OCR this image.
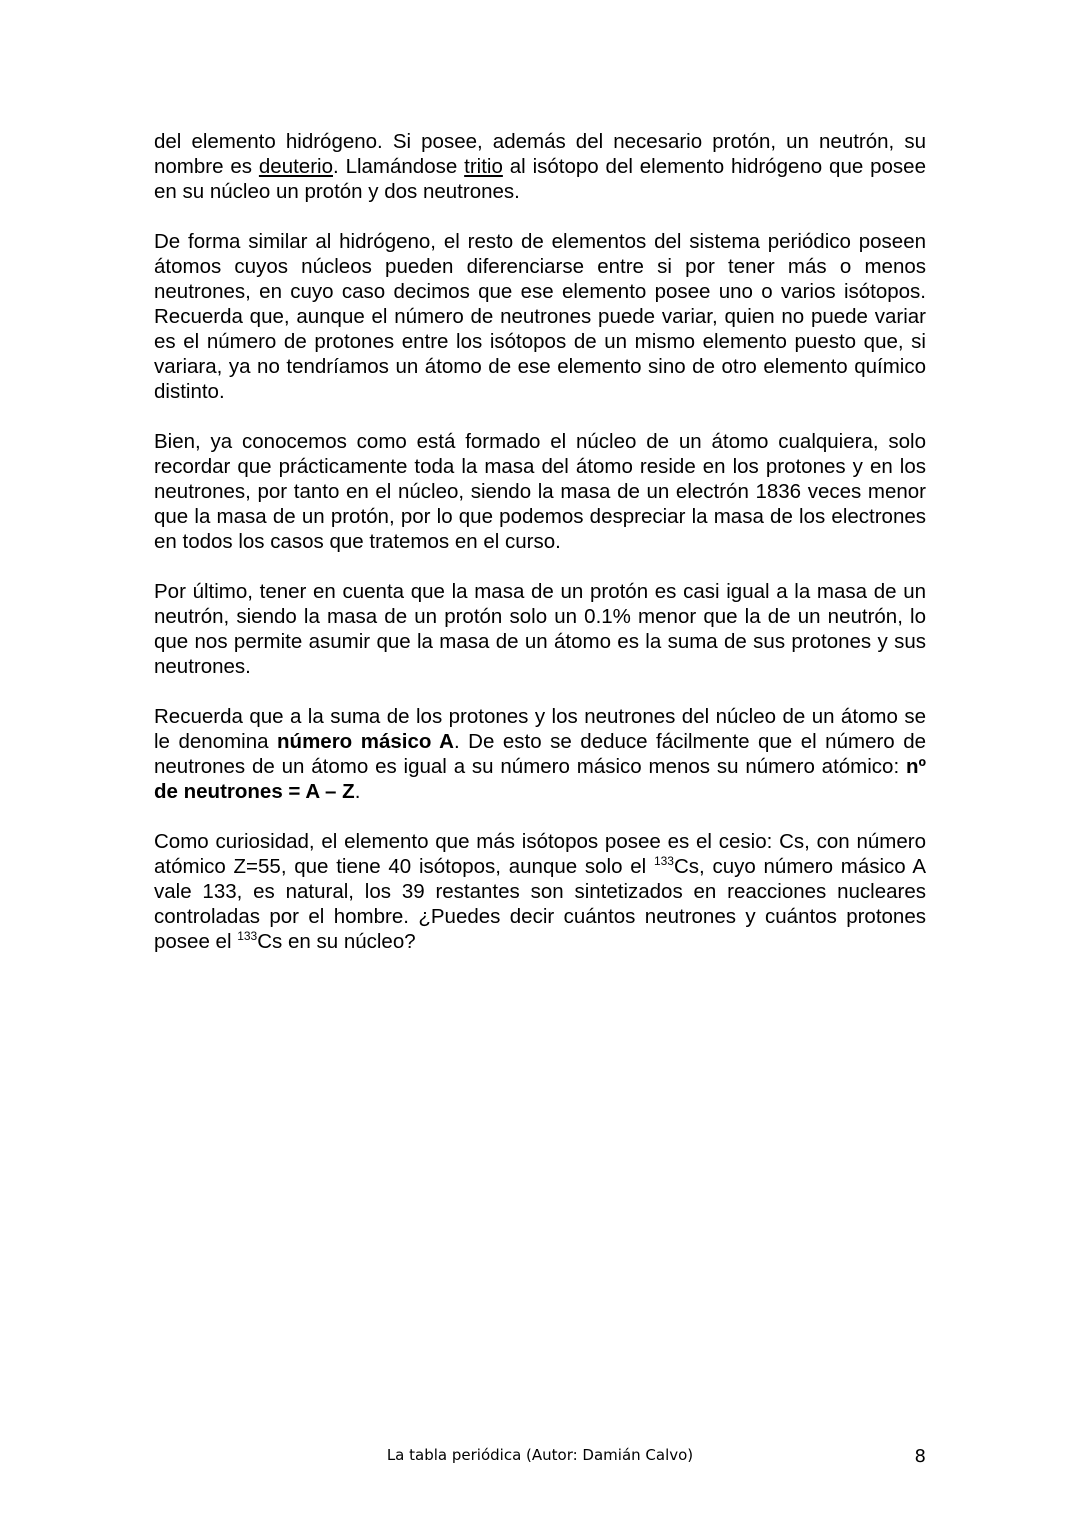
del elemento hidrógeno. Si posee, además del necesario protón, un neutrón, su nombre es deuterio. Llamándose tritio al isótopo del elemento hidrógeno que posee en su núcleo un protón y dos neutrones.

De forma similar al hidrógeno, el resto de elementos del sistema periódico poseen átomos cuyos núcleos pueden diferenciarse entre si por tener más o menos neutrones, en cuyo caso decimos que ese elemento posee uno o varios isótopos. Recuerda que, aunque el número de neutrones puede variar, quien no puede variar es el número de protones entre los isótopos de un mismo elemento puesto que, si variara, ya no tendríamos un átomo de ese elemento sino de otro elemento químico distinto.

Bien, ya conocemos como está formado el núcleo de un átomo cualquiera, solo recordar que prácticamente toda la masa del átomo reside en los protones y en los neutrones, por tanto en el núcleo, siendo la masa de un electrón 1836 veces menor que la masa de un protón, por lo que podemos despreciar la masa de los electrones en todos los casos que tratemos en el curso.

Por último, tener en cuenta que la masa de un protón es casi igual a la masa de un neutrón, siendo la masa de un protón solo un 0.1% menor que la de un neutrón, lo que nos permite asumir que la masa de un átomo es la suma de sus protones y sus neutrones.

Recuerda que a la suma de los protones y los neutrones del núcleo de un átomo se le denomina número másico A. De esto se deduce fácilmente que el número de neutrones de un átomo es igual a su número másico menos su número atómico: nº de neutrones = A – Z.

Como curiosidad, el elemento que más isótopos posee es el cesio: Cs, con número atómico Z=55, que tiene 40 isótopos, aunque solo el $^{133}$Cs, cuyo número másico A vale 133, es natural, los 39 restantes son sintetizados en reacciones nucleares controladas por el hombre. ¿Puedes decir cuántos neutrones y cuántos protones posee el $^{133}$Cs en su núcleo?

La tabla periódica (Autor: Damián Calvo)	8
